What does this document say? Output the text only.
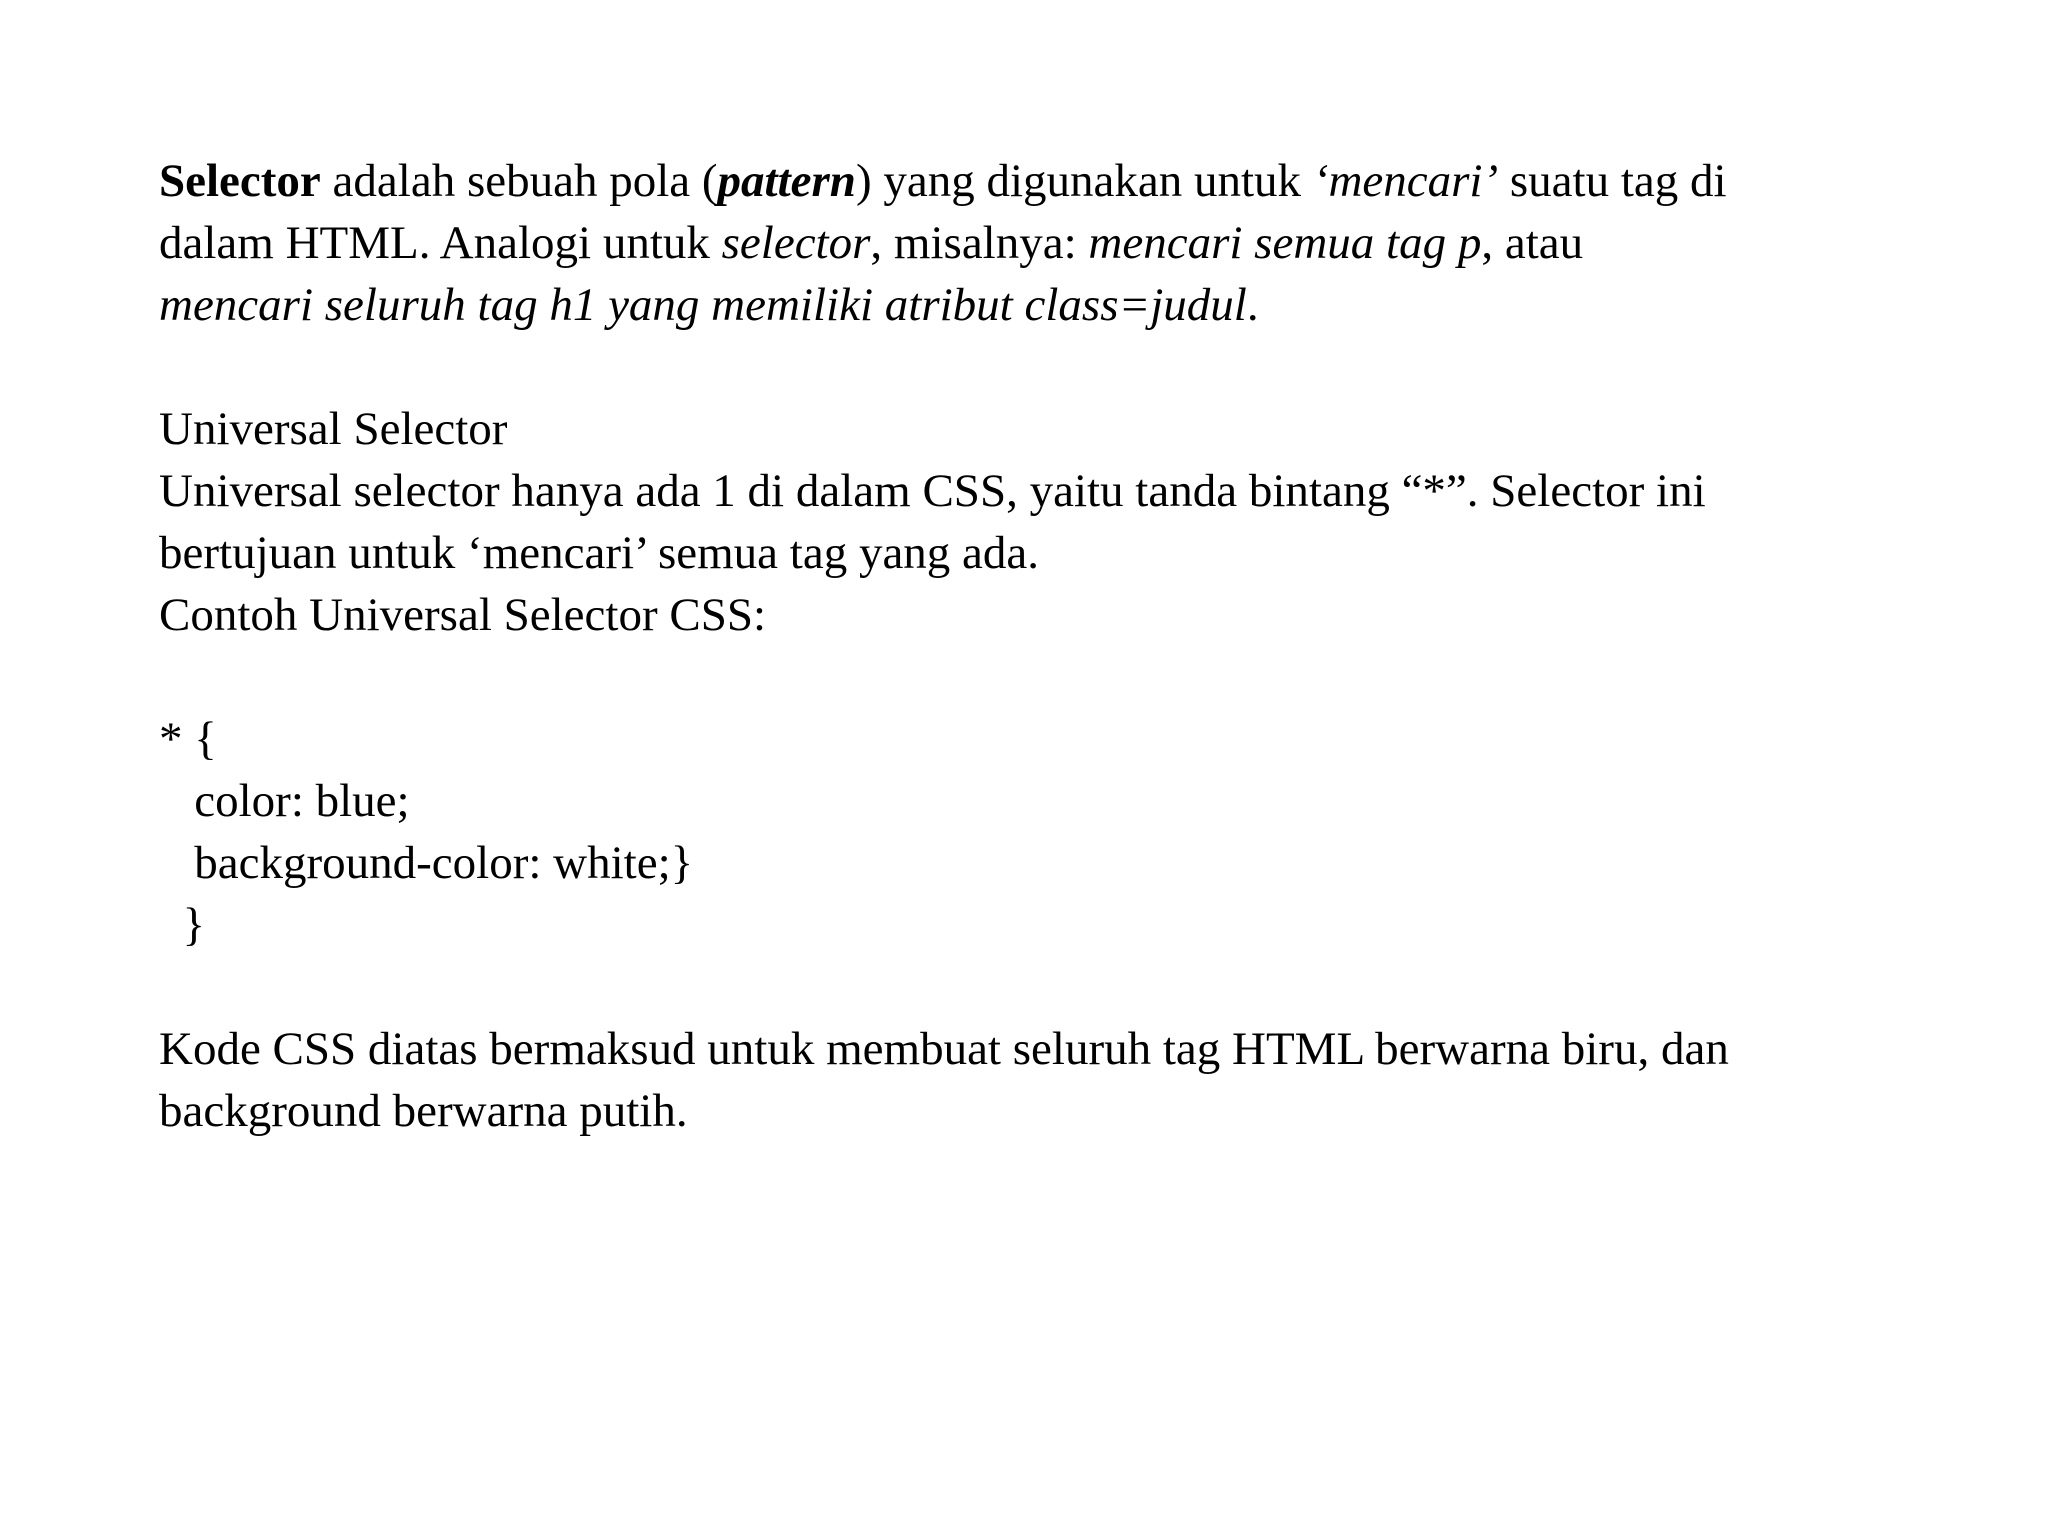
Selector adalah sebuah pola (pattern) yang digunakan untuk ‘mencari’ suatu tag di
dalam HTML. Analogi untuk selector, misalnya: mencari semua tag p, atau
mencari seluruh tag h1 yang memiliki atribut class=judul.
Universal Selector
Universal selector hanya ada 1 di dalam CSS, yaitu tanda bintang “*”. Selector ini
bertujuan untuk ‘mencari’ semua tag yang ada.
Contoh Universal Selector CSS:
* {
color: blue;
background-color: white;}
}
Kode CSS diatas bermaksud untuk membuat seluruh tag HTML berwarna biru, dan
background berwarna putih.
